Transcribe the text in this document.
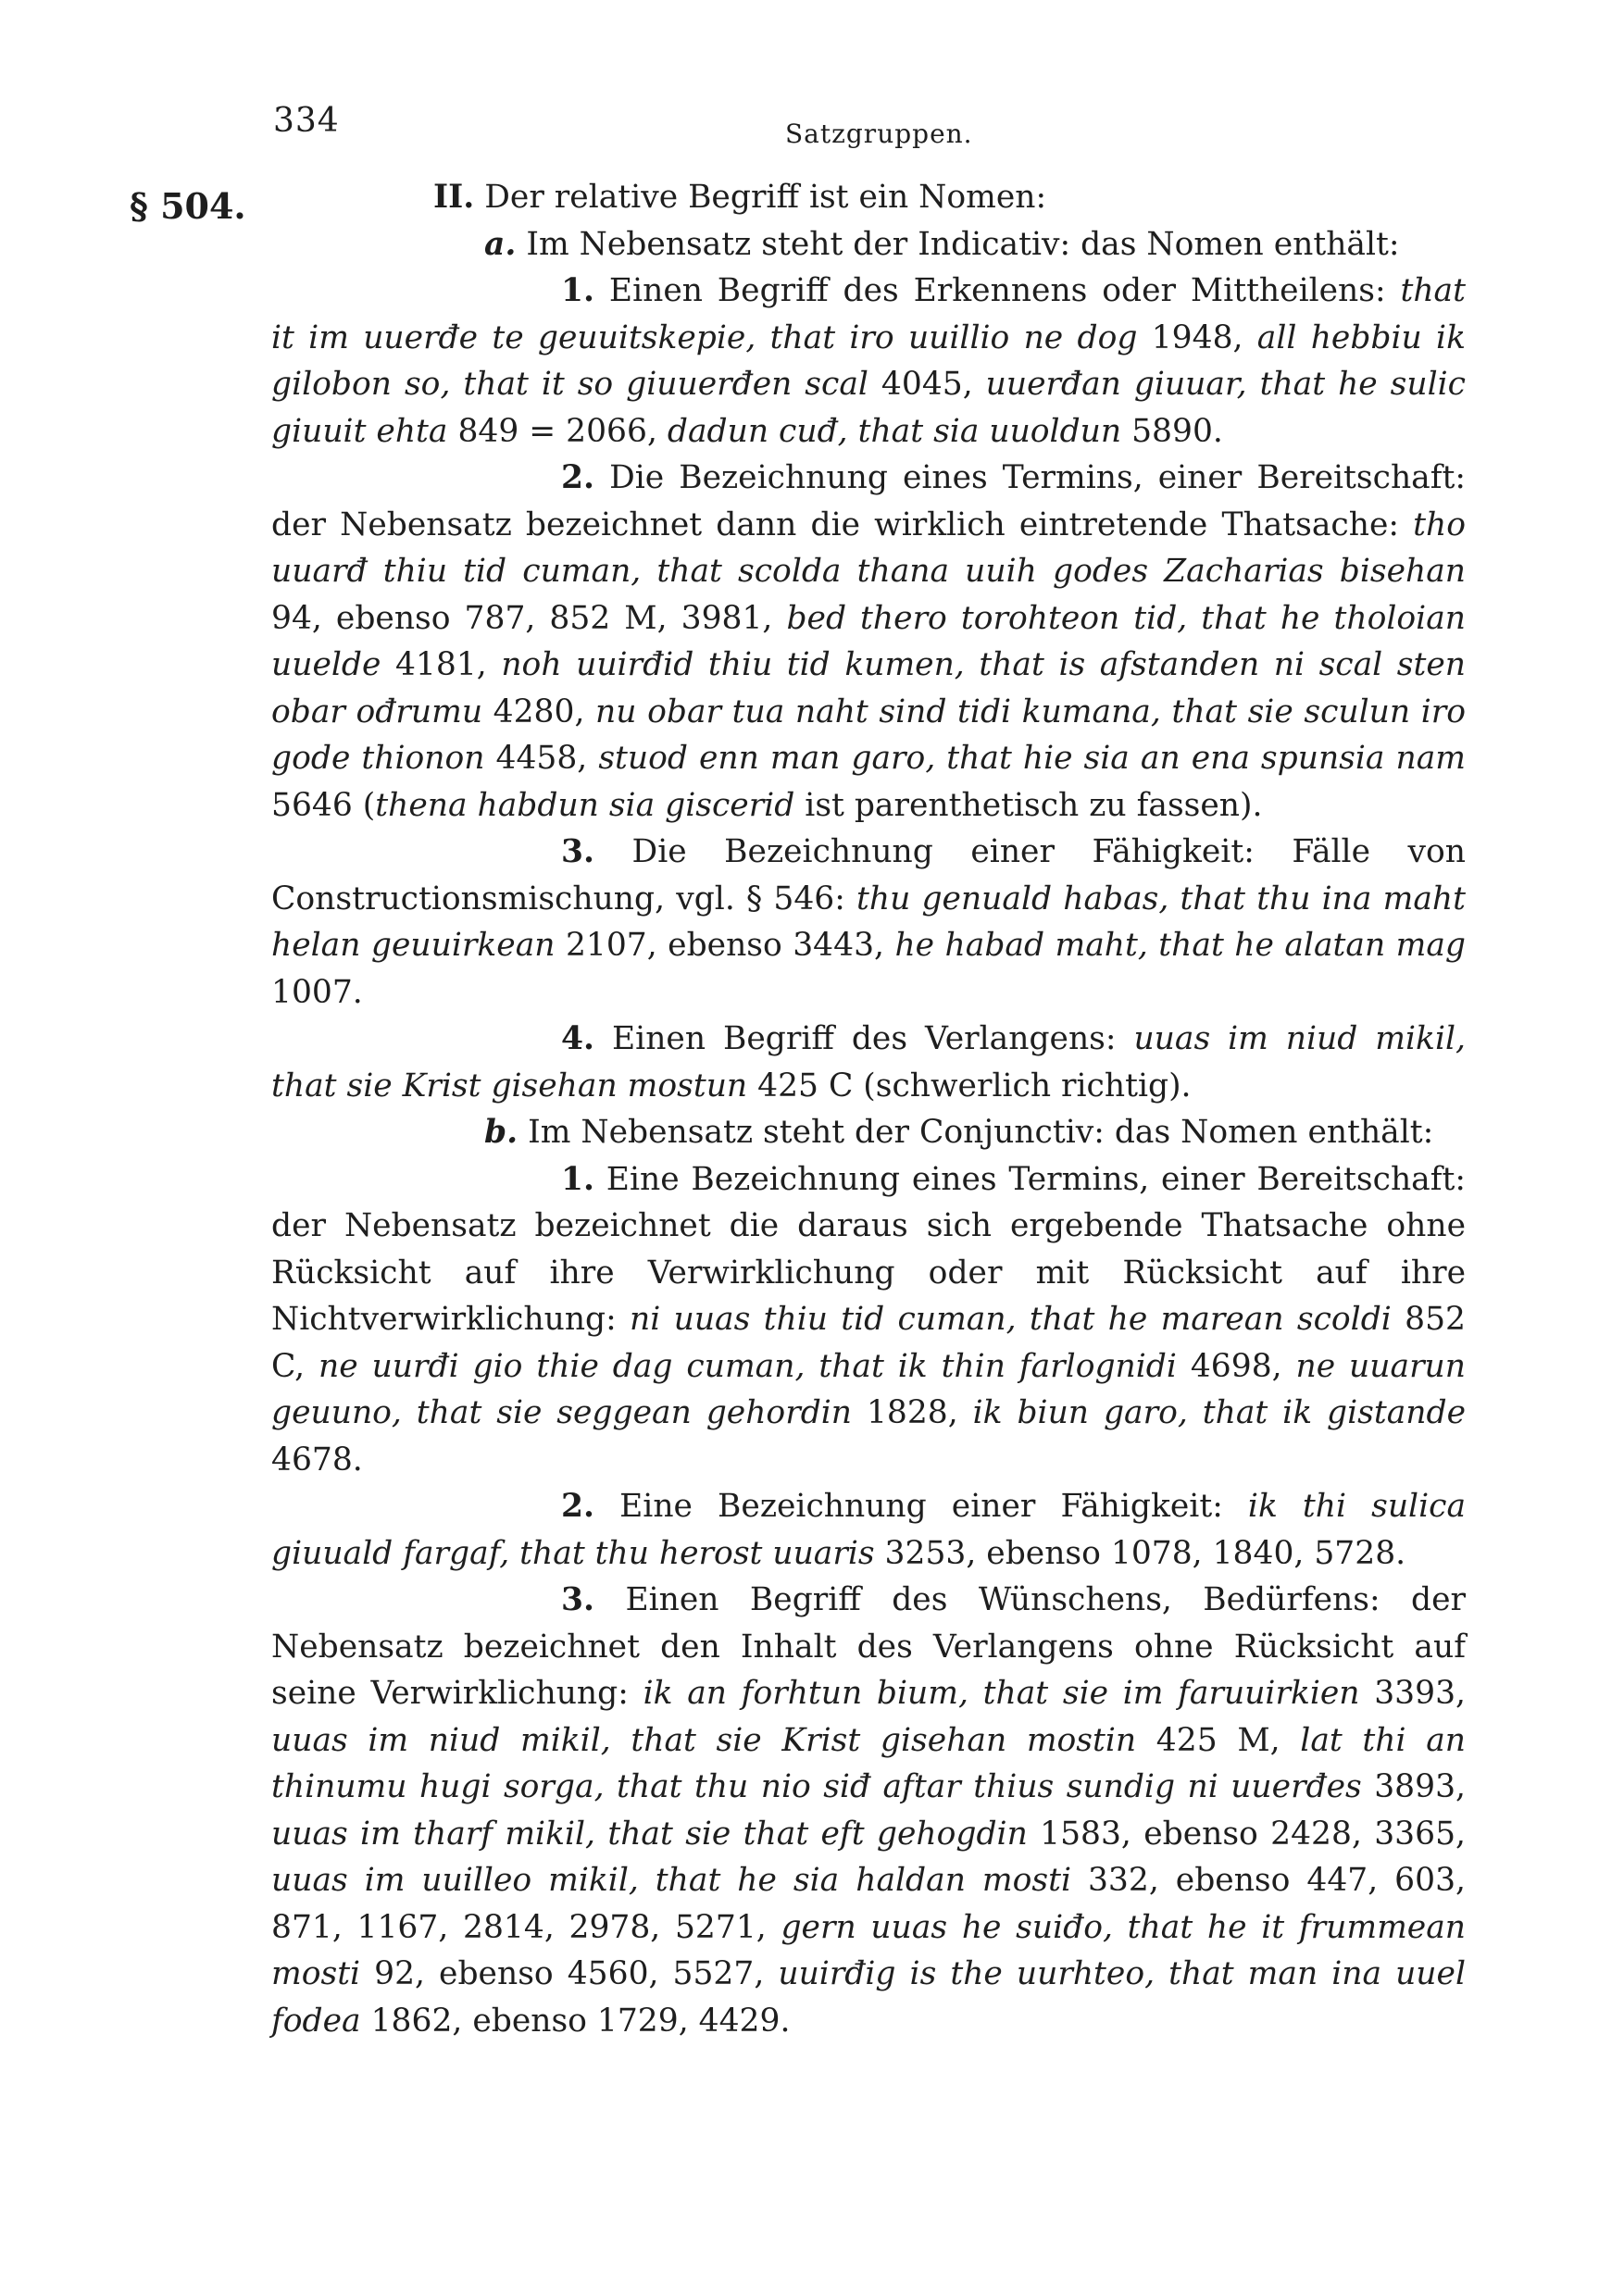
334	Satzgruppen.
§ 504.	II. Der relative Begriff ist ein Nomen:

a. Im Nebensatz steht der Indicativ: das Nomen enthält:

1. Einen Begriff des Erkennens oder Mittheilens: that it im uuerđe te geuuitskepie, that iro uuillio ne dog 1948, all hebbiu ik gilobon so, that it so giuuerđen scal 4045, uuerđan giuuar, that he sulic giuuit ehta 849 = 2066, dadun cuđ, that sia uuoldun 5890.

2. Die Bezeichnung eines Termins, einer Bereitschaft: der Nebensatz bezeichnet dann die wirklich eintretende Thatsache: tho uuarđ thiu tid cuman, that scolda thana uuih godes Zacharias bisehan 94, ebenso 787, 852 M, 3981, bed thero torohteon tid, that he tholoian uuelde 4181, noh uuirđid thiu tid kumen, that is afstanden ni scal sten obar ođrumu 4280, nu obar tua naht sind tidi kumana, that sie sculun iro gode thionon 4458, stuod enn man garo, that hie sia an ena spunsia nam 5646 (thena habdun sia giscerid ist parenthetisch zu fassen).

3. Die Bezeichnung einer Fähigkeit: Fälle von Constructionsmischung, vgl. § 546: thu genuald habas, that thu ina maht helan geuuirkean 2107, ebenso 3443, he habad maht, that he alatan mag 1007.

4. Einen Begriff des Verlangens: uuas im niud mikil, that sie Krist gisehan mostun 425 C (schwerlich richtig).

b. Im Nebensatz steht der Conjunctiv: das Nomen enthält:

1. Eine Bezeichnung eines Termins, einer Bereitschaft: der Nebensatz bezeichnet die daraus sich ergebende Thatsache ohne Rücksicht auf ihre Verwirklichung oder mit Rücksicht auf ihre Nichtverwirklichung: ni uuas thiu tid cuman, that he marean scoldi 852 C, ne uurđi gio thie dag cuman, that ik thin farlognidi 4698, ne uuarun geuuno, that sie seggean gehordin 1828, ik biun garo, that ik gistande 4678.

2. Eine Bezeichnung einer Fähigkeit: ik thi sulica giuuald fargaf, that thu herost uuaris 3253, ebenso 1078, 1840, 5728.

3. Einen Begriff des Wünschens, Bedürfens: der Nebensatz bezeichnet den Inhalt des Verlangens ohne Rücksicht auf seine Verwirklichung: ik an forhtun bium, that sie im faruuirkien 3393, uuas im niud mikil, that sie Krist gisehan mostin 425 M, lat thi an thinumu hugi sorga, that thu nio siđ aftar thius sundig ni uuerđes 3893, uuas im tharf mikil, that sie that eft gehogdin 1583, ebenso 2428, 3365, uuas im uuilleo mikil, that he sia haldan mosti 332, ebenso 447, 603, 871, 1167, 2814, 2978, 5271, gern uuas he suiđo, that he it frummean mosti 92, ebenso 4560, 5527, uuirđig is the uurhteo, that man ina uuel fodea 1862, ebenso 1729, 4429.
